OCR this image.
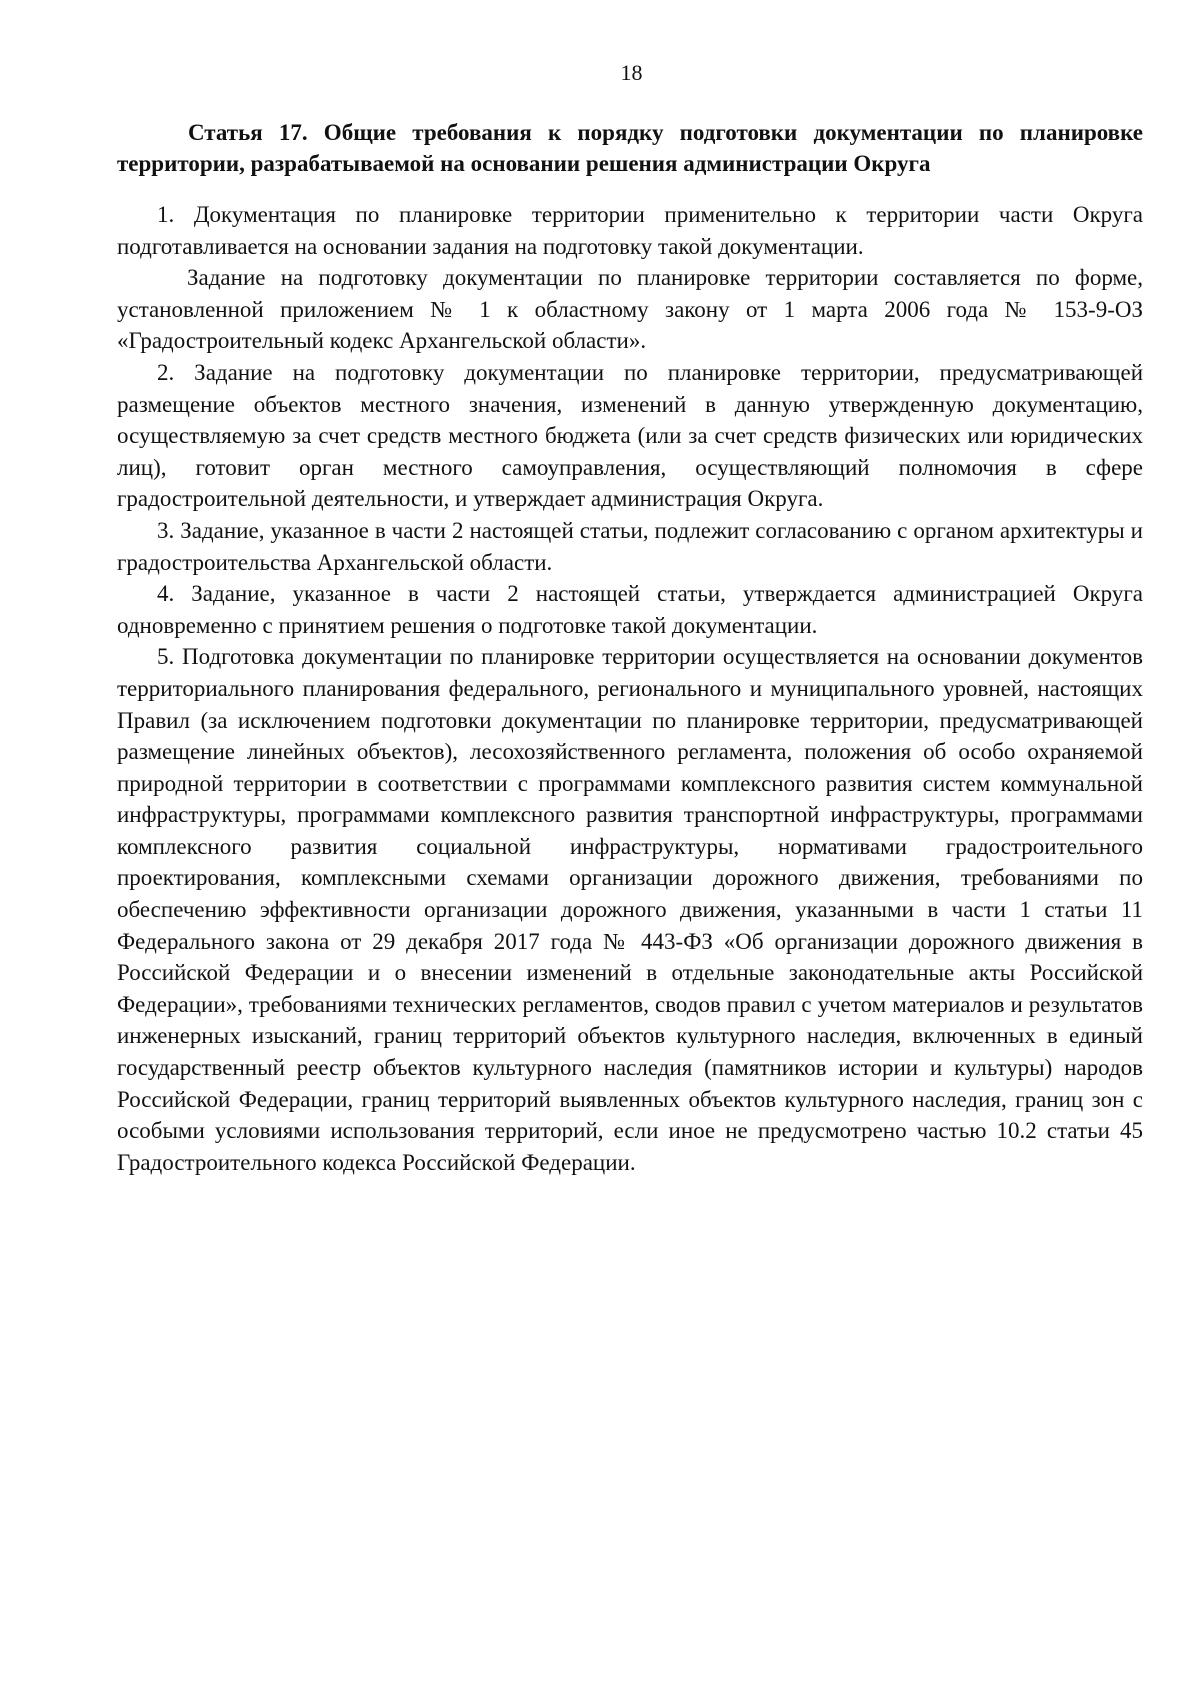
18
Статья 17. Общие требования к порядку подготовки документации по планировке территории, разрабатываемой на основании решения администрации Округа

1. Документация по планировке территории применительно к территории части Округа подготавливается на основании задания на подготовку такой документации.

Задание на подготовку документации по планировке территории составляется по форме, установленной приложением № 1 к областному закону от 1 марта 2006 года № 153-9-ОЗ «Градостроительный кодекс Архангельской области».

2. Задание на подготовку документации по планировке территории, предусматривающей размещение объектов местного значения, изменений в данную утвержденную документацию, осуществляемую за счет средств местного бюджета (или за счет средств физических или юридических лиц), готовит орган местного самоуправления, осуществляющий полномочия в сфере градостроительной деятельности, и утверждает администрация Округа.

3. Задание, указанное в части 2 настоящей статьи, подлежит согласованию с органом архитектуры и градостроительства Архангельской области.

4. Задание, указанное в части 2 настоящей статьи, утверждается администрацией Округа одновременно с принятием решения о подготовке такой документации.

5. Подготовка документации по планировке территории осуществляется на основании документов территориального планирования федерального, регионального и муниципального уровней, настоящих Правил (за исключением подготовки документации по планировке территории, предусматривающей размещение линейных объектов), лесохозяйственного регламента, положения об особо охраняемой природной территории в соответствии с программами комплексного развития систем коммунальной инфраструктуры, программами комплексного развития транспортной инфраструктуры, программами комплексного развития социальной инфраструктуры, нормативами градостроительного проектирования, комплексными схемами организации дорожного движения, требованиями по обеспечению эффективности организации дорожного движения, указанными в части 1 статьи 11 Федерального закона от 29 декабря 2017 года № 443-ФЗ «Об организации дорожного движения в Российской Федерации и о внесении изменений в отдельные законодательные акты Российской Федерации», требованиями технических регламентов, сводов правил с учетом материалов и результатов инженерных изысканий, границ территорий объектов культурного наследия, включенных в единый государственный реестр объектов культурного наследия (памятников истории и культуры) народов Российской Федерации, границ территорий выявленных объектов культурного наследия, границ зон с особыми условиями использования территорий, если иное не предусмотрено частью 10.2 статьи 45 Градостроительного кодекса Российской Федерации.
